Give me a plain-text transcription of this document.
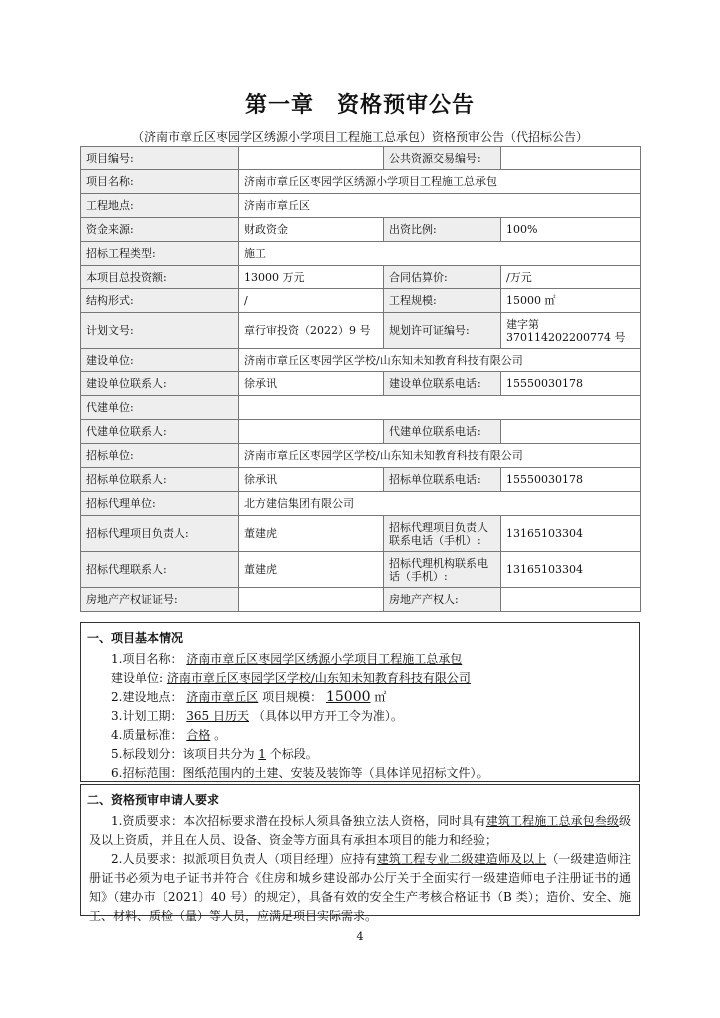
第一章　资格预审公告
（济南市章丘区枣园学区绣源小学项目工程施工总承包）资格预审公告（代招标公告）
项目编号:		公共资源交易编号:	
项目名称:	济南市章丘区枣园学区绣源小学项目工程施工总承包		
工程地点:	济南市章丘区		
资金来源:	财政资金	出资比例:	100%
招标工程类型:	施工		
本项目总投资额:	13000 万元	合同估算价:	/万元
结构形式:	/	工程规模:	15000 ㎡
计划文号:	章行审投资（2022）9 号	规划许可证编号:	建字第 370114202200774 号
建设单位:	济南市章丘区枣园学区学校/山东知未知教育科技有限公司		
建设单位联系人:	徐承讯	建设单位联系电话:	15550030178
代建单位:			
代建单位联系人:		代建单位联系电话:	
招标单位:	济南市章丘区枣园学区学校/山东知未知教育科技有限公司		
招标单位联系人:	徐承讯	招标单位联系电话:	15550030178
招标代理单位:	北方建信集团有限公司		
招标代理项目负责人:	董建虎	招标代理项目负责人联系电话（手机）:	13165103304
招标代理联系人:	董建虎	招标代理机构联系电话（手机）:	13165103304
房地产产权证证号:		房地产产权人:	
一、项目基本情况
1.项目名称： 济南市章丘区枣园学区绣源小学项目工程施工总承包
建设单位: 济南市章丘区枣园学区学校/山东知未知教育科技有限公司
2.建设地点： 济南市章丘区 项目规模： 15000 ㎡
3.计划工期： 365 日历天 （具体以甲方开工令为准）。
4.质量标准： 合格 。
5.标段划分：该项目共分为 1 个标段。
6.招标范围：图纸范围内的土建、安装及装饰等（具体详见招标文件）。
二、资格预审申请人要求
1.资质要求：本次招标要求潜在投标人须具备独立法人资格，同时具有建筑工程施工总承包叁级级及以上资质，并且在人员、设备、资金等方面具有承担本项目的能力和经验；
2.人员要求：拟派项目负责人（项目经理）应持有建筑工程专业二级建造师及以上（一级建造师注册证书必须为电子证书并符合《住房和城乡建设部办公厅关于全面实行一级建造师电子注册证书的通知》（建办市〔2021〕40 号）的规定），具备有效的安全生产考核合格证书（B 类）；造价、安全、施工、材料、质检（量）等人员，应满足项目实际需求。
4
